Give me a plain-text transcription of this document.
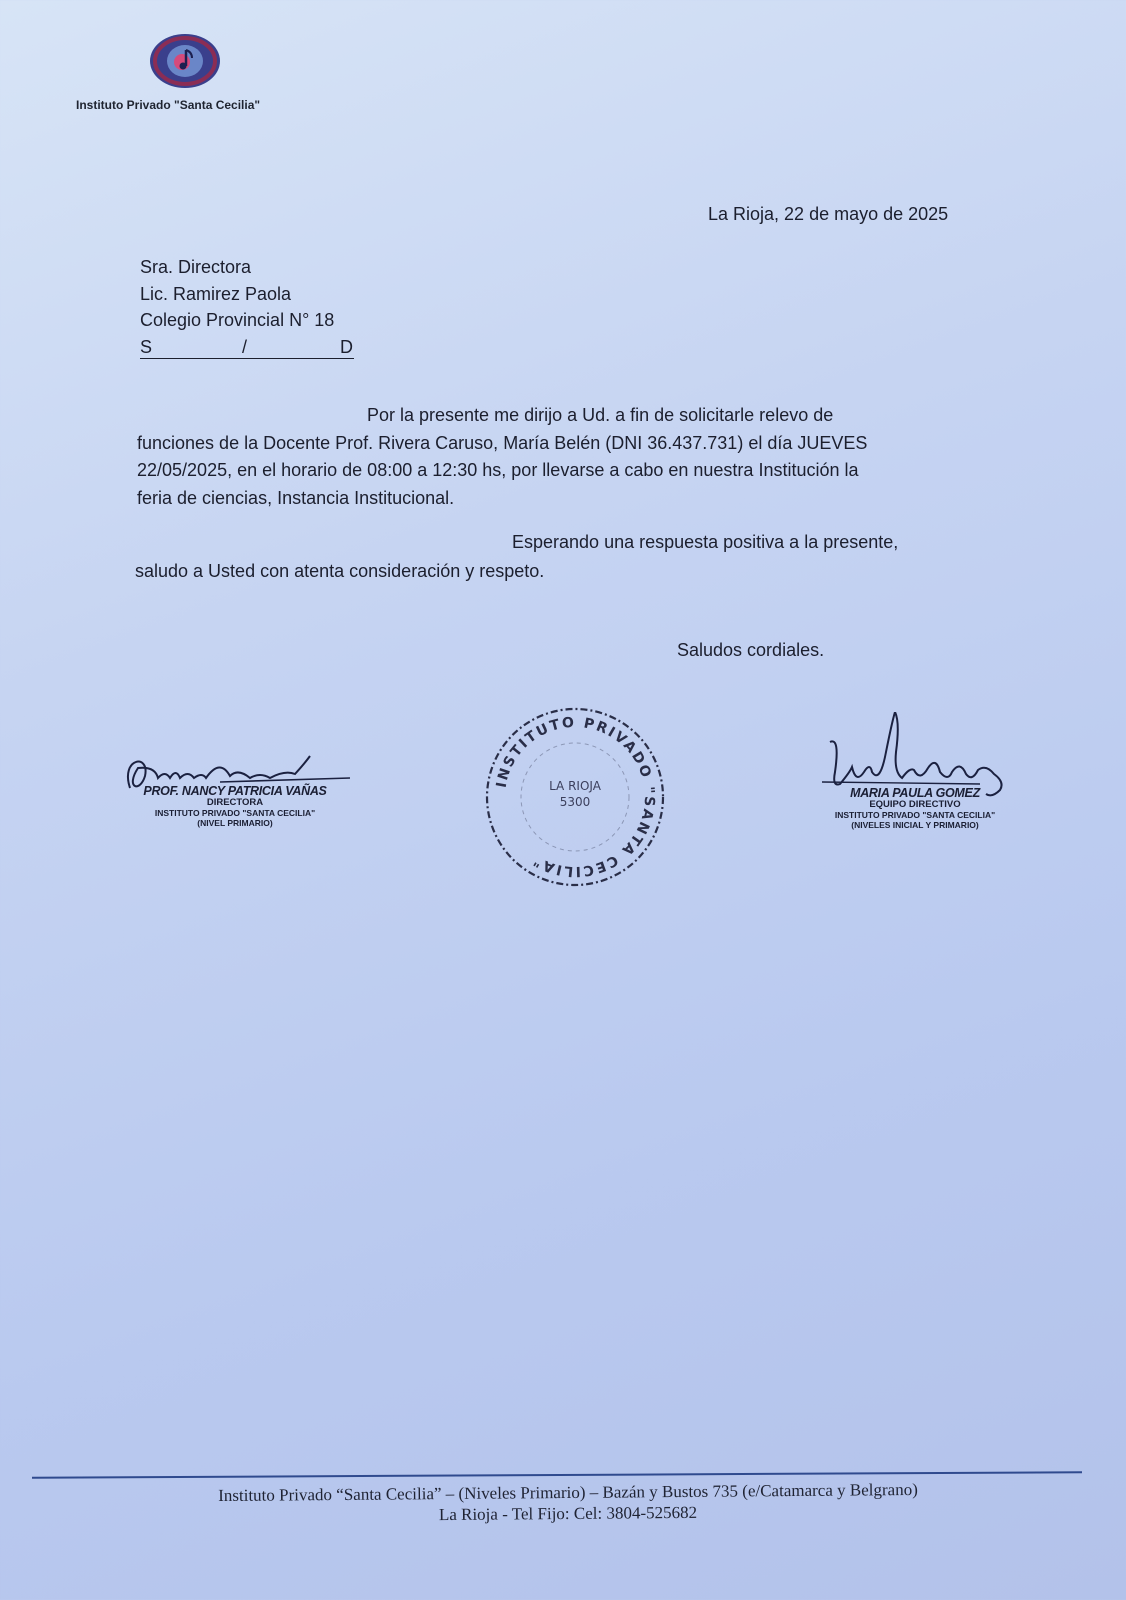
Instituto Privado "Santa Cecilia"
La Rioja, 22 de mayo de 2025
Sra. Directora
Lic. Ramirez Paola
Colegio Provincial N° 18
S	/	D

Por la presente me dirijo a Ud. a fin de solicitarle relevo de

funciones de la Docente Prof. Rivera Caruso, María Belén (DNI 36.437.731) el día JUEVES

22/05/2025, en el horario de 08:00 a 12:30 hs, por llevarse a cabo en nuestra Institución la

feria de ciencias, Instancia Institucional.

Esperando una respuesta positiva a la presente,

saludo a Usted con atenta consideración y respeto.

Saludos cordiales.
PROF. NANCY PATRICIA VAÑAS
DIRECTORA
INSTITUTO PRIVADO "SANTA CECILIA"
(NIVEL PRIMARIO)
INSTITUTO PRIVADO "SANTA CECILIA"
LA RIOJA
5300
MARIA PAULA GOMEZ
EQUIPO DIRECTIVO
INSTITUTO PRIVADO "SANTA CECILIA"
(NIVELES INICIAL Y PRIMARIO)
Instituto Privado “Santa Cecilia” – (Niveles Primario) – Bazán y Bustos 735 (e/Catamarca y Belgrano)
La Rioja - Tel Fijo: Cel: 3804-525682
